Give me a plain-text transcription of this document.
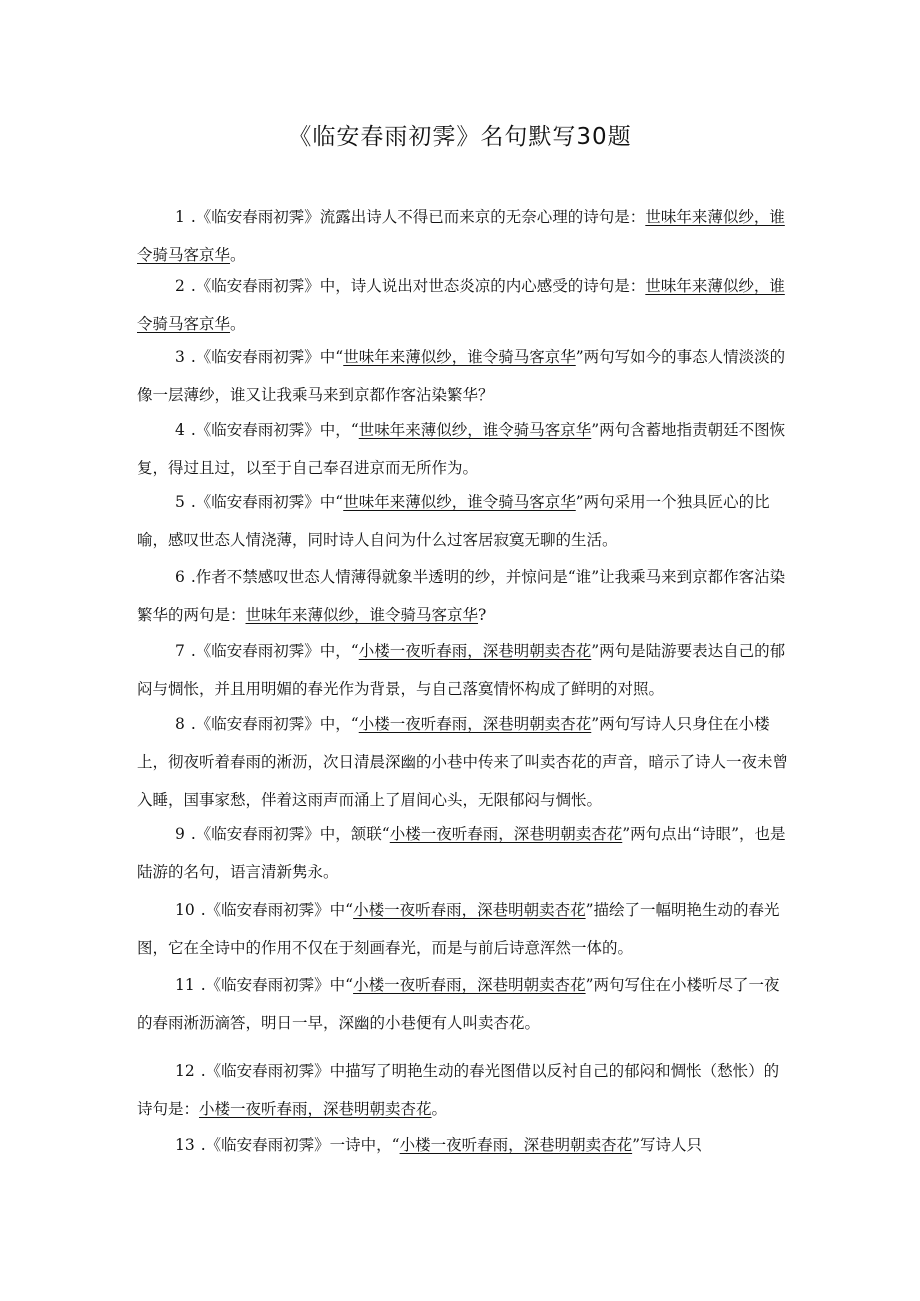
《临安春雨初霁》名句默写30题

1 .《临安春雨初霁》流露出诗人不得已而来京的无奈心理的诗句是：世味年来薄似纱，谁令骑马客京华。

2 .《临安春雨初霁》中，诗人说出对世态炎凉的内心感受的诗句是：世味年来薄似纱，谁令骑马客京华。

3 .《临安春雨初霁》中“世味年来薄似纱，谁令骑马客京华”两句写如今的事态人情淡淡的像一层薄纱，谁又让我乘马来到京都作客沾染繁华？

4 .《临安春雨初霁》中，“世味年来薄似纱，谁令骑马客京华”两句含蓄地指责朝廷不图恢复，得过且过，以至于自己奉召进京而无所作为。

5 .《临安春雨初霁》中“世味年来薄似纱，谁令骑马客京华”两句采用一个独具匠心的比喻，感叹世态人情浇薄，同时诗人自问为什么过客居寂寞无聊的生活。

6 .作者不禁感叹世态人情薄得就象半透明的纱，并惊问是“谁”让我乘马来到京都作客沾染繁华的两句是：世味年来薄似纱，谁令骑马客京华?

7 .《临安春雨初霁》中，“小楼一夜听春雨，深巷明朝卖杏花”两句是陆游要表达自己的郁闷与惆怅，并且用明媚的春光作为背景，与自己落寞情怀构成了鲜明的对照。

8 .《临安春雨初霁》中，“小楼一夜听春雨，深巷明朝卖杏花”两句写诗人只身住在小楼上，彻夜听着春雨的淅沥，次日清晨深幽的小巷中传来了叫卖杏花的声音，暗示了诗人一夜未曾入睡，国事家愁，伴着这雨声而涌上了眉间心头，无限郁闷与惆怅。

9 .《临安春雨初霁》中，颔联“小楼一夜听春雨，深巷明朝卖杏花”两句点出“诗眼”，也是陆游的名句，语言清新隽永。

10 .《临安春雨初霁》中“小楼一夜听春雨，深巷明朝卖杏花”描绘了一幅明艳生动的春光图，它在全诗中的作用不仅在于刻画春光，而是与前后诗意浑然一体的。

11 .《临安春雨初霁》中“小楼一夜听春雨，深巷明朝卖杏花”两句写住在小楼听尽了一夜的春雨淅沥滴答，明日一早，深幽的小巷便有人叫卖杏花。

12 .《临安春雨初霁》中描写了明艳生动的春光图借以反衬自己的郁闷和惆怅（愁怅）的诗句是：小楼一夜听春雨，深巷明朝卖杏花。

13 .《临安春雨初霁》一诗中，“小楼一夜听春雨，深巷明朝卖杏花”写诗人只
